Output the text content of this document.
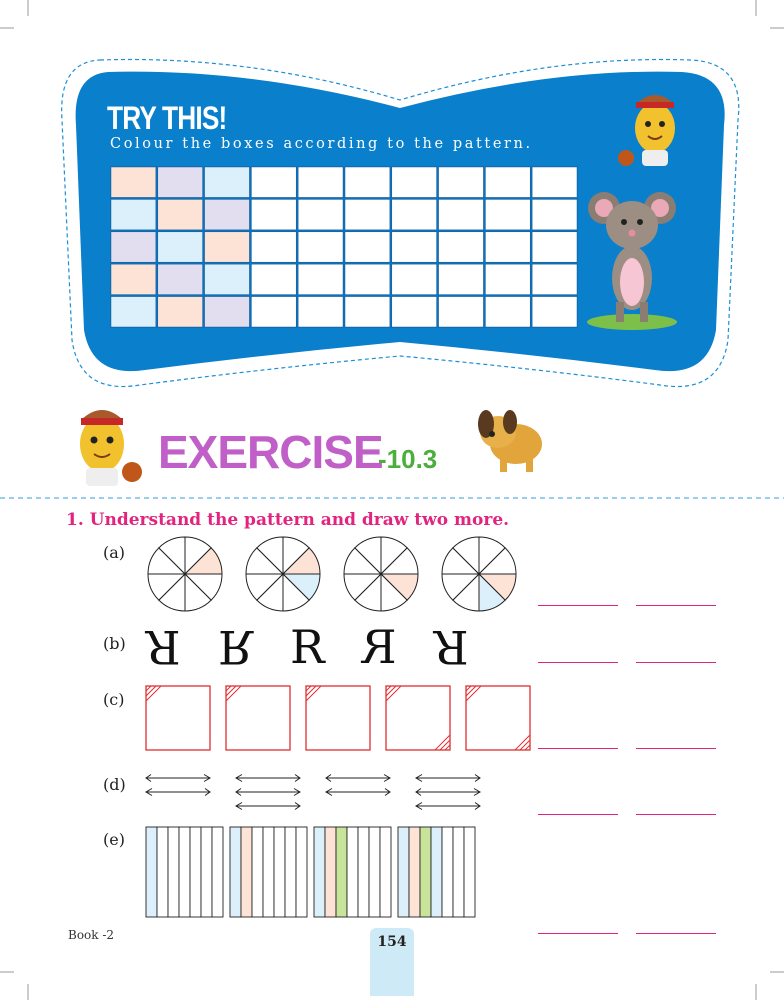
TRY THIS!
Colour the boxes according to the pattern.
EXERCISE
-10.3
1. Understand the pattern and draw two more.
(a)
(b)
(c)
(d)
(e)
R R R R R
Book -2	154
